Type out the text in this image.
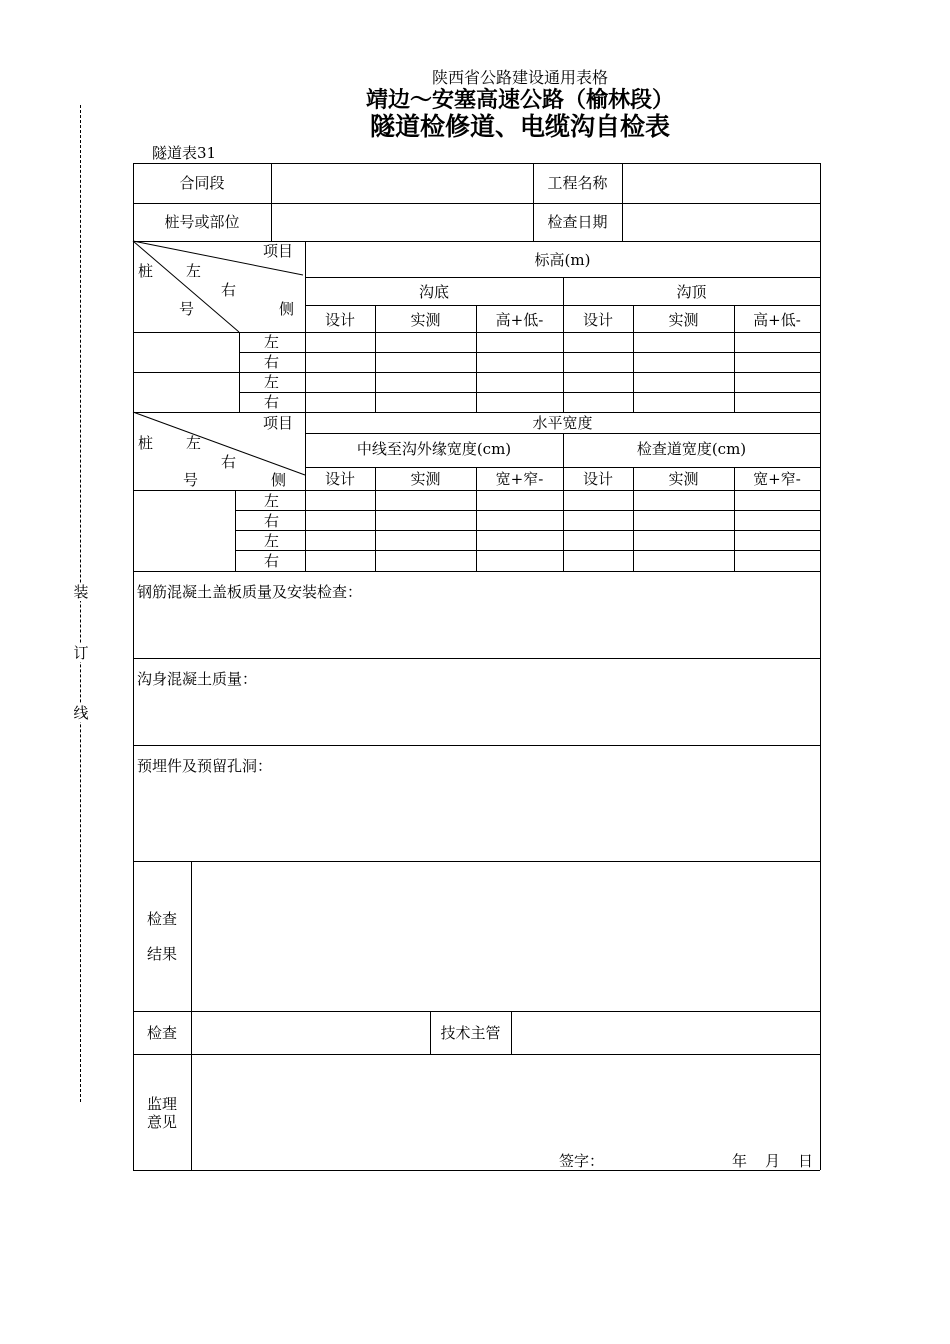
装
订
线
陕西省公路建设通用表格
靖边～安塞高速公路（榆林段）
隧道检修道、电缆沟自检表
隧道表31
合同段	工程名称
桩号或部位	检查日期
项目
桩 左
右
号	侧
标高(m)
沟底	沟顶
设计	实测	高+低-	设计	实测	高+低-
左
右
左
右
项目
桩 左
右
号	侧
水平宽度
中线至沟外缘宽度(cm)	检查道宽度(cm)
设计	实测	宽+窄-	设计	实测	宽+窄-
左
右
左
右
钢筋混凝土盖板质量及安装检查：
沟身混凝土质量：
预埋件及预留孔洞：
检查
结果
检查	技术主管
监理
意见
签字：	年 月 日
